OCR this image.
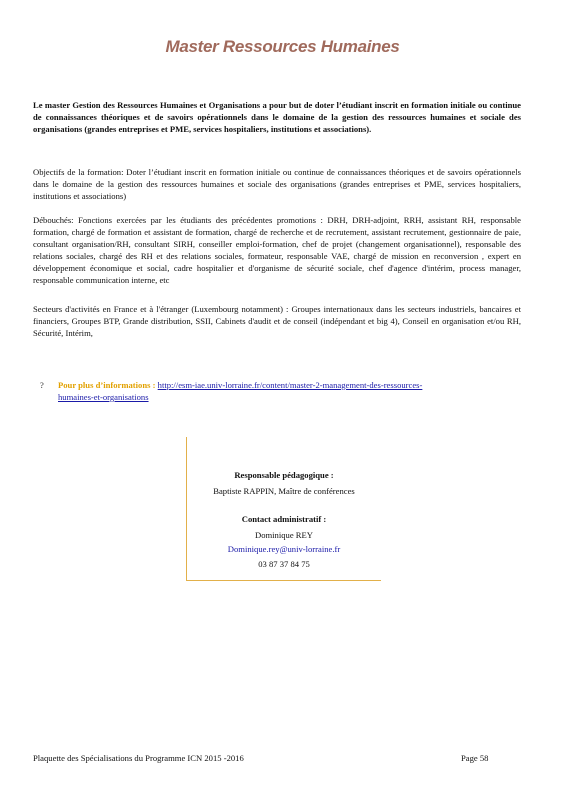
Master Ressources Humaines
Le master Gestion des Ressources Humaines et Organisations a pour but de doter l’étudiant inscrit en formation initiale ou continue de connaissances théoriques et de savoirs opérationnels dans le domaine de la gestion des ressources humaines et sociale des organisations (grandes entreprises et PME, services hospitaliers, institutions et associations).
Objectifs de la formation: Doter l’étudiant inscrit en formation initiale ou continue de connaissances théoriques et de savoirs opérationnels dans le domaine de la gestion des ressources humaines et sociale des organisations (grandes entreprises et PME, services hospitaliers, institutions et associations)
Débouchés: Fonctions exercées par les étudiants des précédentes promotions : DRH, DRH-adjoint, RRH, assistant RH, responsable formation, chargé de formation et assistant de formation, chargé de recherche et de recrutement, assistant recrutement, gestionnaire de paie, consultant organisation/RH, consultant SIRH, conseiller emploi-formation, chef de projet (changement organisationnel), responsable des relations sociales, chargé des RH et des relations sociales, formateur, responsable VAE, chargé de mission en reconversion , expert en développement économique et social, cadre hospitalier et d'organisme de sécurité sociale, chef d'agence d'intérim, process manager, responsable communication interne, etc
Secteurs d'activités en France et à l'étranger (Luxembourg notamment) : Groupes internationaux dans les secteurs industriels, bancaires et financiers, Groupes BTP, Grande distribution, SSII, Cabinets d'audit et de conseil (indépendant et big 4), Conseil en organisation et/ou RH, Sécurité, Intérim,
? Pour plus d’informations : http://esm-iae.univ-lorraine.fr/content/master-2-management-des-ressources-
humaines-et-organisations
Responsable pédagogique :
Baptiste RAPPIN, Maître de conférences
Contact administratif :
Dominique REY
Dominique.rey@univ-lorraine.fr
03 87 37 84 75
Plaquette des Spécialisations du Programme ICN 2015 -2016	Page 58
